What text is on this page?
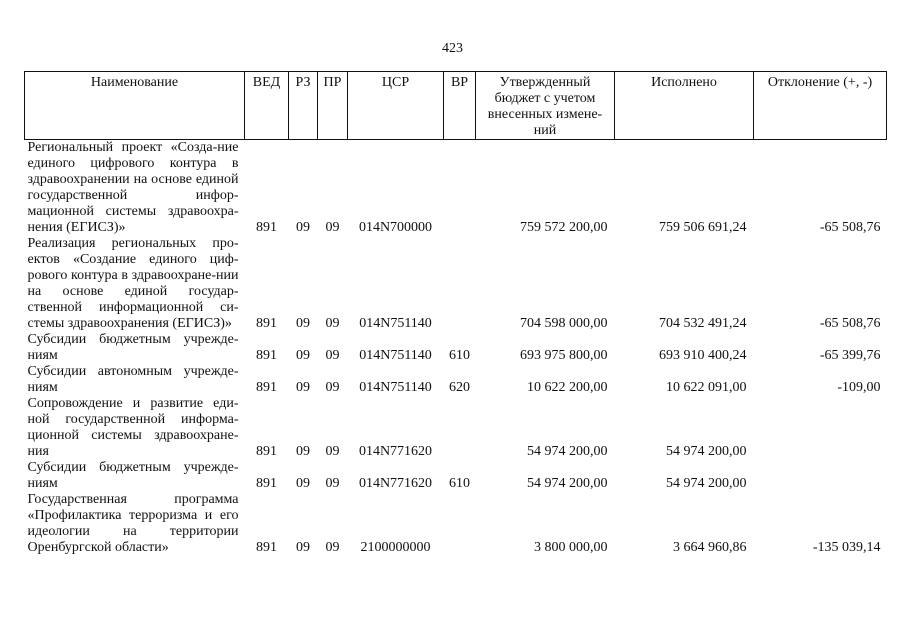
423
Наименование	ВЕД	РЗ	ПР	ЦСР	ВР	Утвержденный бюджет с учетом внесенных измене-ний	Исполнено	Отклонение (+, -)
Региональный проект «Созда-ние единого цифрового контура в здравоохранении на основе единой государственной инфор-мационной системы здравоохра-нения (ЕГИСЗ)»	891	09	09	014N700000		759 572 200,00	759 506 691,24	-65 508,76
Реализация региональных про-ектов «Создание единого циф-рового контура в здравоохране-нии на основе единой государ-ственной информационной си-стемы здравоохранения (ЕГИСЗ)»	891	09	09	014N751140		704 598 000,00	704 532 491,24	-65 508,76
Субсидии бюджетным учрежде-ниям	891	09	09	014N751140	610	693 975 800,00	693 910 400,24	-65 399,76
Субсидии автономным учрежде-ниям	891	09	09	014N751140	620	10 622 200,00	10 622 091,00	-109,00
Сопровождение и развитие еди-ной государственной информа-ционной системы здравоохране-ния	891	09	09	014N771620		54 974 200,00	54 974 200,00	
Субсидии бюджетным учрежде-ниям	891	09	09	014N771620	610	54 974 200,00	54 974 200,00	
Государственная программа «Профилактика терроризма и его идеологии на территории Оренбургской области»	891	09	09	2100000000		3 800 000,00	3 664 960,86	-135 039,14
